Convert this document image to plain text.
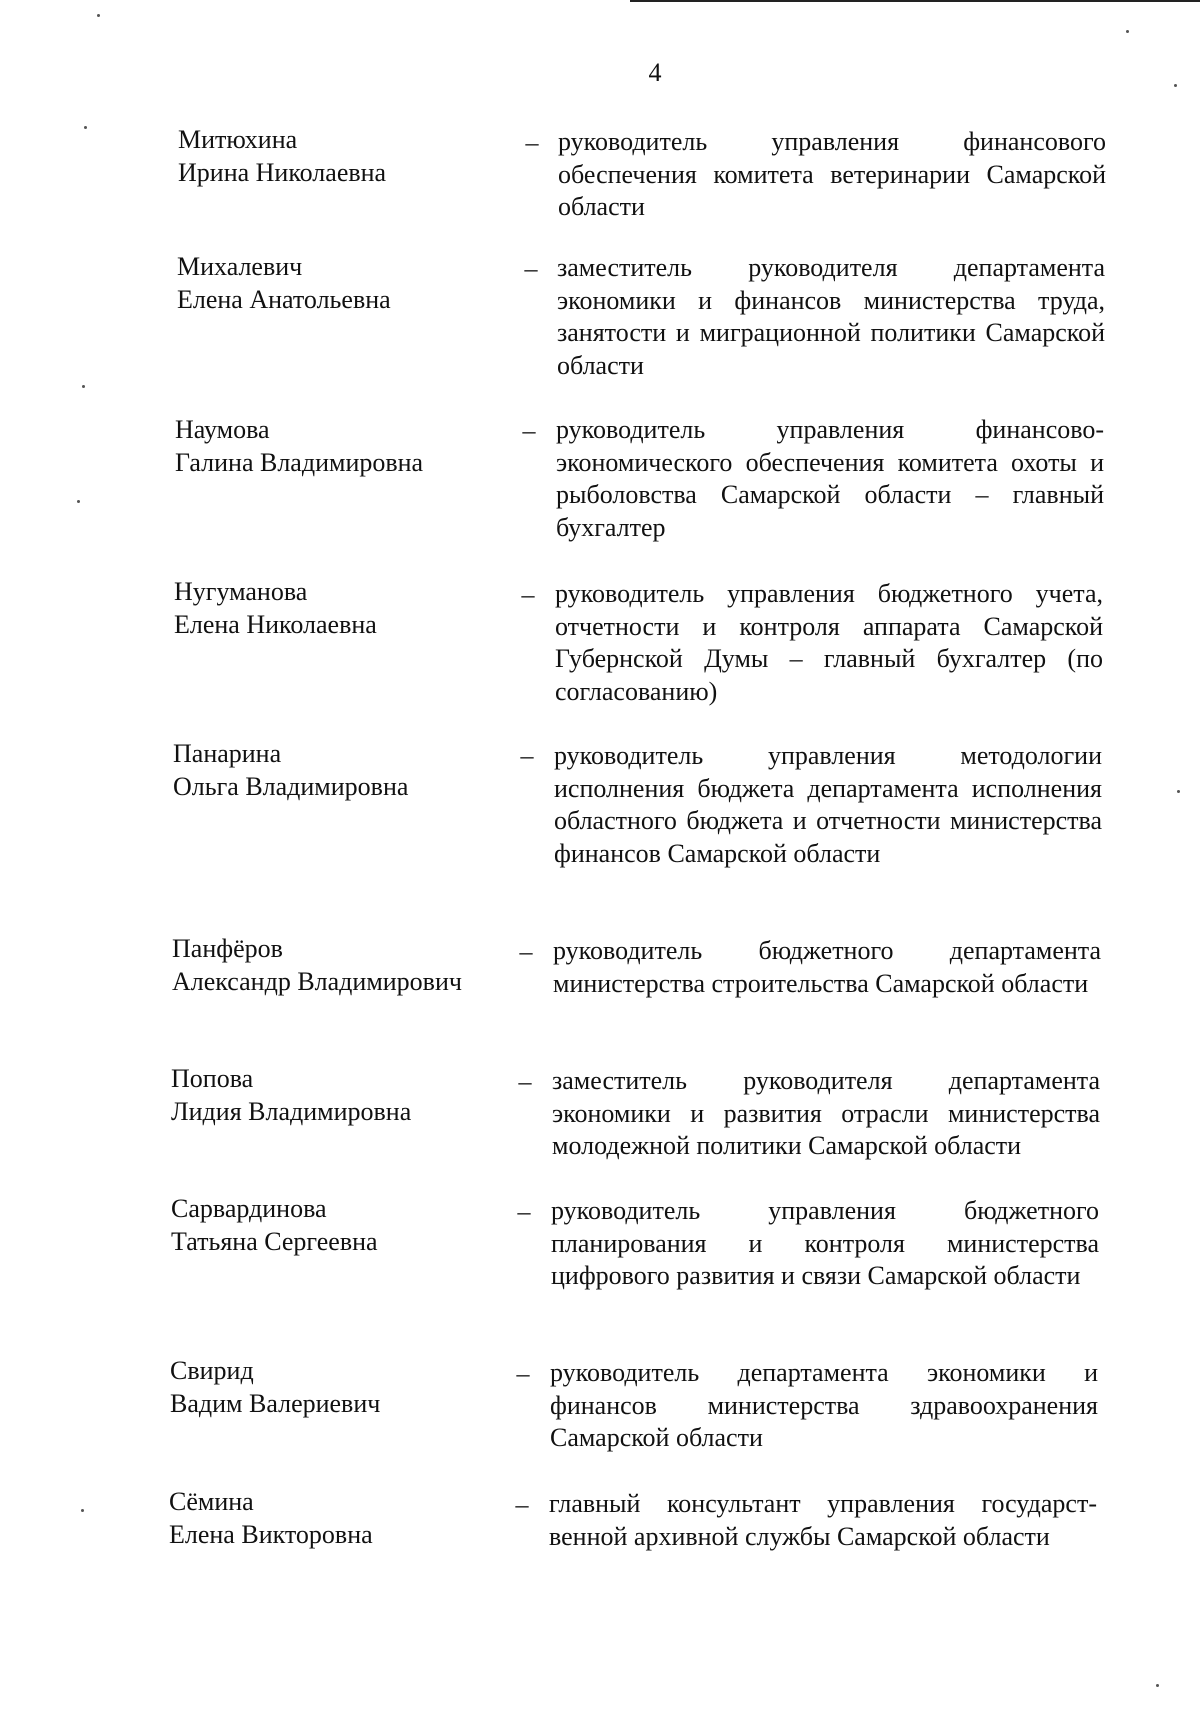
4
Митюхина
Ирина Николаевна
– руководитель управления финансового обеспечения комитета ветеринарии Самарской области
Михалевич
Елена Анатольевна
– заместитель руководителя департамента экономики и финансов министерства труда, занятости и миграционной политики Самарской области
Наумова
Галина Владимировна
– руководитель управления финансово-экономического обеспечения комитета охоты и рыболовства Самарской области – главный бухгалтер
Нугуманова
Елена Николаевна
– руководитель управления бюджетного учета, отчетности и контроля аппарата Самарской Губернской Думы – главный бухгалтер (по согласованию)
Панарина
Ольга Владимировна
– руководитель управления методологии исполнения бюджета департамента исполнения областного бюджета и отчетности министерства финансов Самарской области
Панфёров
Александр Владимирович
– руководитель бюджетного департамента министерства строительства Самарской области
Попова
Лидия Владимировна
– заместитель руководителя департамента экономики и развития отрасли министерства молодежной политики Самарской области
Сарвардинова
Татьяна Сергеевна
– руководитель управления бюджетного планирования и контроля министерства цифрового развития и связи Самарской области
Свирид
Вадим Валериевич
– руководитель департамента экономики и финансов министерства здравоохранения Самарской области
Сёмина
Елена Викторовна
– главный консультант управления государст-венной архивной службы Самарской области
